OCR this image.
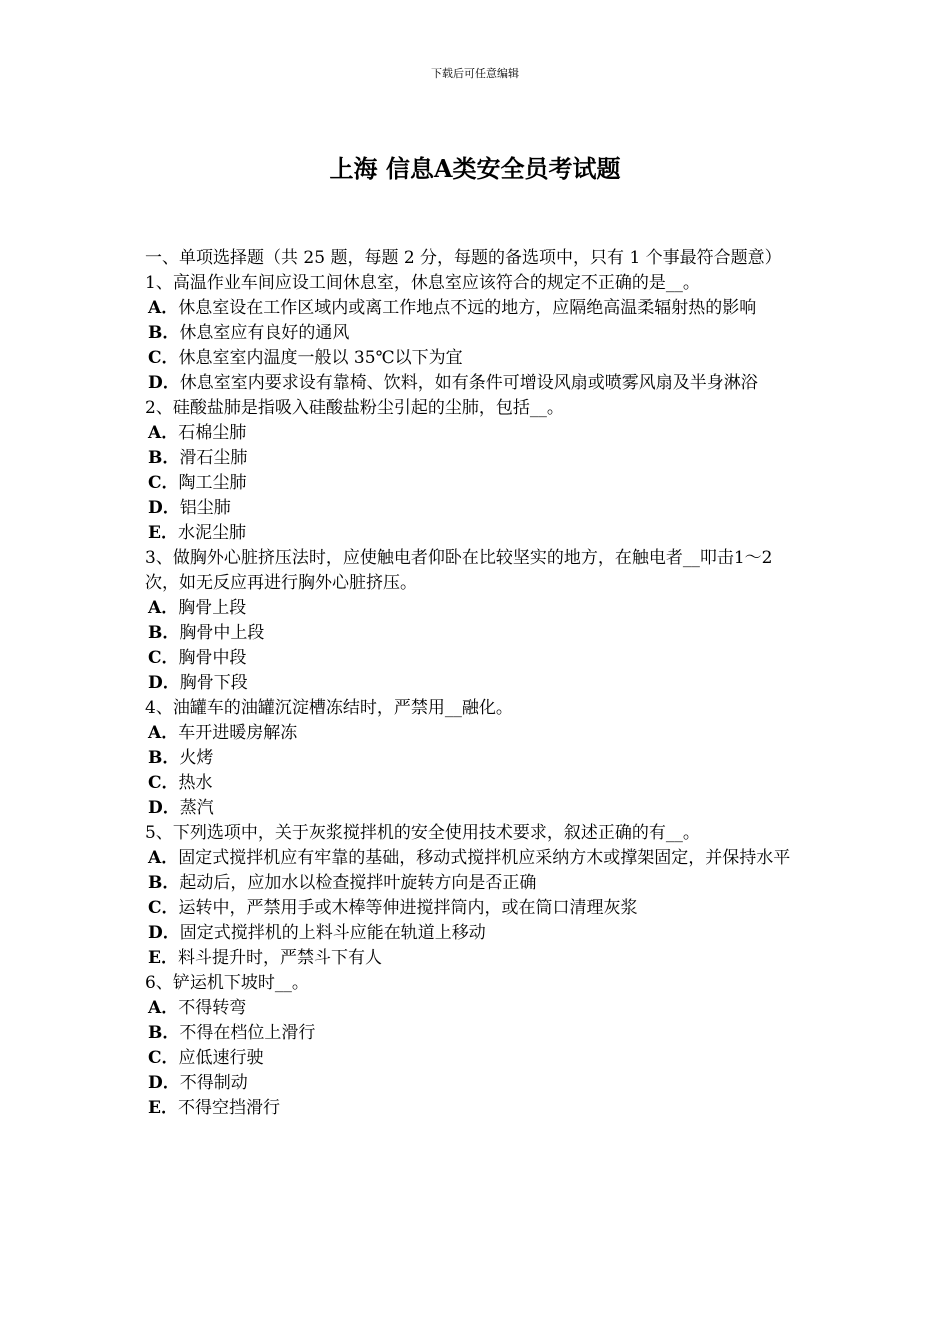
下载后可任意编辑
上海 信息A类安全员考试题
一、单项选择题（共 25 题，每题 2 分，每题的备选项中，只有 1 个事最符合题意）
1、高温作业车间应设工间休息室，休息室应该符合的规定不正确的是__。
A．休息室设在工作区域内或离工作地点不远的地方，应隔绝高温柔辐射热的影响
B．休息室应有良好的通风
C．休息室室内温度一般以 35℃以下为宜
D．休息室室内要求设有靠椅、饮料，如有条件可增设风扇或喷雾风扇及半身淋浴
2、硅酸盐肺是指吸入硅酸盐粉尘引起的尘肺，包括__。
A．石棉尘肺
B．滑石尘肺
C．陶工尘肺
D．铝尘肺
E．水泥尘肺
3、做胸外心脏挤压法时，应使触电者仰卧在比较坚实的地方，在触电者__叩击1～2 次，如无反应再进行胸外心脏挤压。
A．胸骨上段
B．胸骨中上段
C．胸骨中段
D．胸骨下段
4、油罐车的油罐沉淀槽冻结时，严禁用__融化。
A．车开进暖房解冻
B．火烤
C．热水
D．蒸汽
5、下列选项中，关于灰浆搅拌机的安全使用技术要求，叙述正确的有__。
A．固定式搅拌机应有牢靠的基础，移动式搅拌机应采纳方木或撑架固定，并保持水平
B．起动后，应加水以检查搅拌叶旋转方向是否正确
C．运转中，严禁用手或木棒等伸进搅拌筒内，或在筒口清理灰浆
D．固定式搅拌机的上料斗应能在轨道上移动
E．料斗提升时，严禁斗下有人
6、铲运机下坡时__。
A．不得转弯
B．不得在档位上滑行
C．应低速行驶
D．不得制动
E．不得空挡滑行
